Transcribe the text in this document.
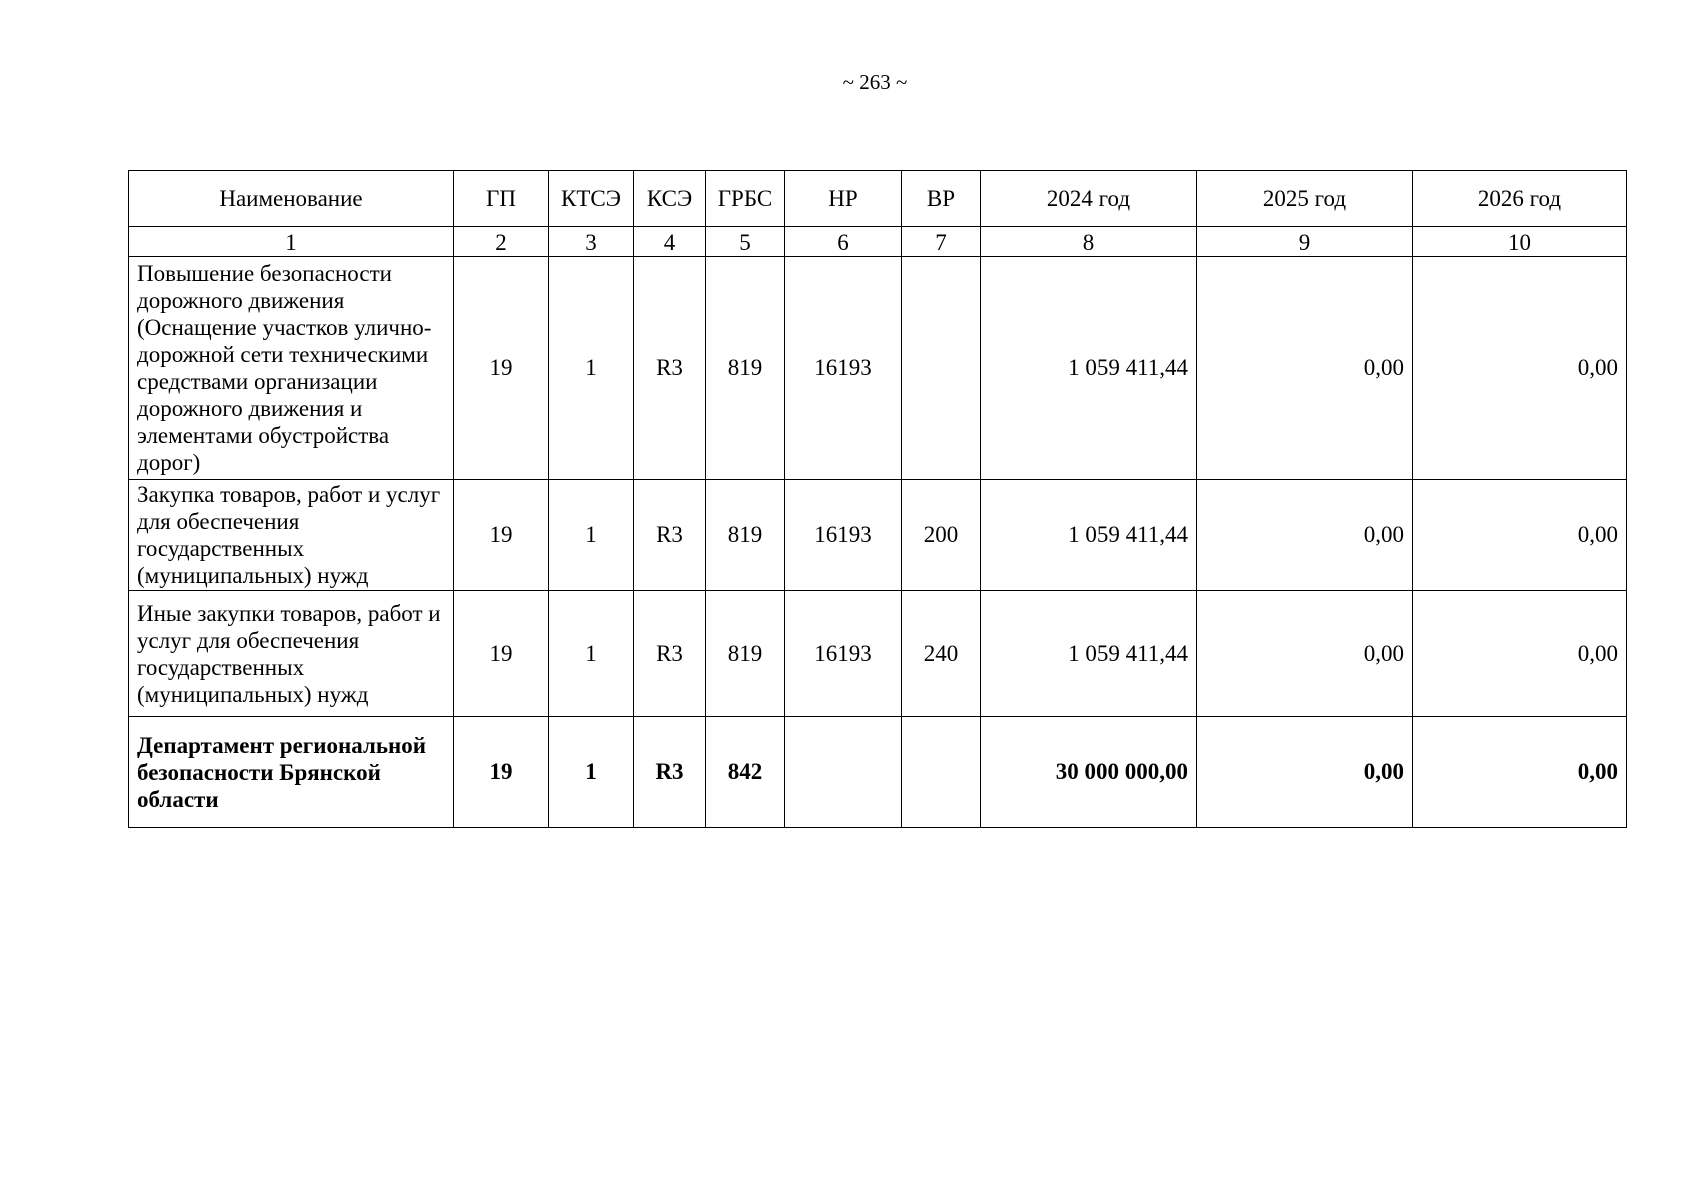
~ 263 ~
Наименование	ГП	КТСЭ	КСЭ	ГРБС	НР	ВР	2024 год	2025 год	2026 год
1	2	3	4	5	6	7	8	9	10
Повышение безопасности дорожного движения (Оснащение участков улично-дорожной сети техническими средствами организации дорожного движения и элементами обустройства дорог)	19	1	R3	819	16193		1 059 411,44	0,00	0,00
Закупка товаров, работ и услуг для обеспечения государственных (муниципальных) нужд	19	1	R3	819	16193	200	1 059 411,44	0,00	0,00
Иные закупки товаров, работ и услуг для обеспечения государственных (муниципальных) нужд	19	1	R3	819	16193	240	1 059 411,44	0,00	0,00
Департамент региональной безопасности Брянской области	19	1	R3	842			30 000 000,00	0,00	0,00
